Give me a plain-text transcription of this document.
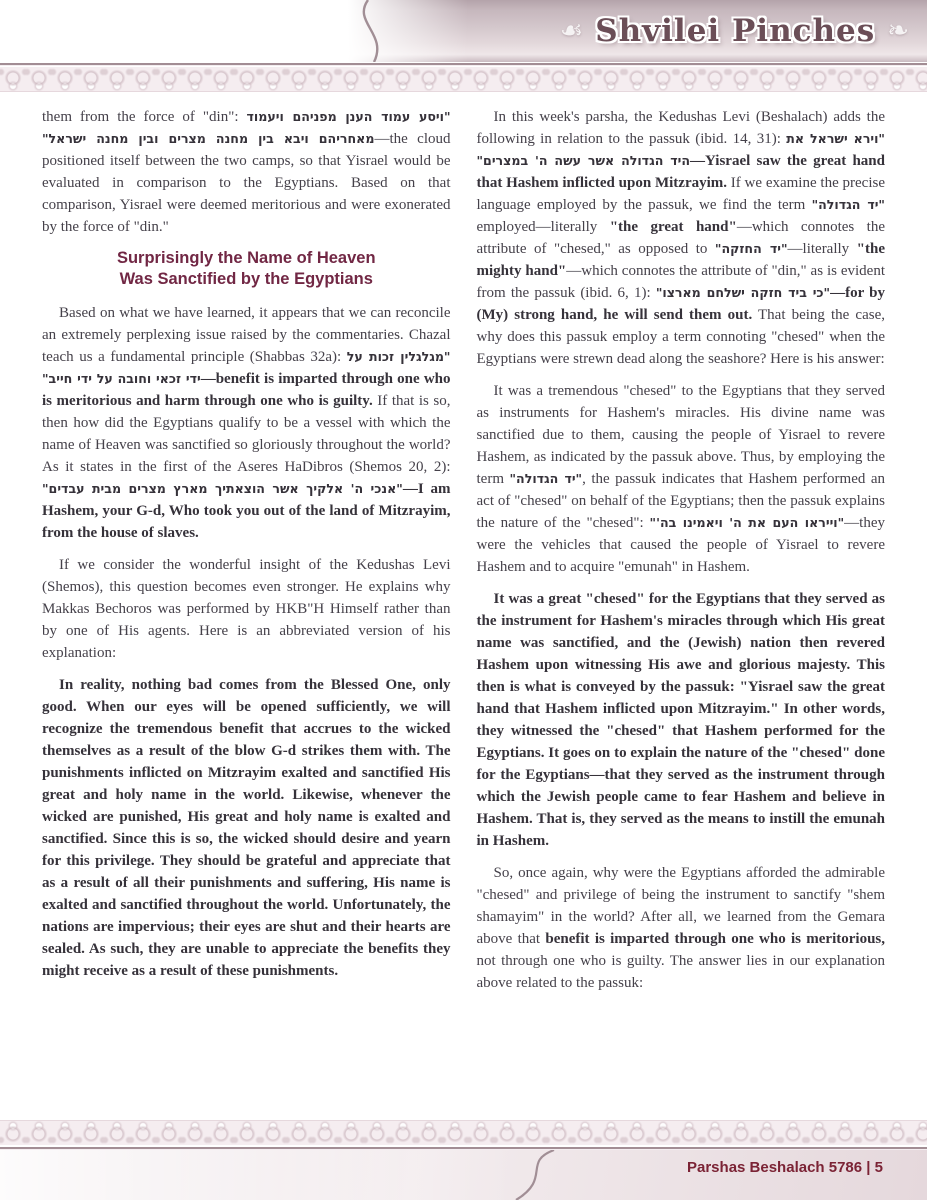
☙ Shvilei Pinches ❧

them from the force of "din": "ויסע עמוד הענן מפניהם ויעמוד מאחריהם ויבא בין מחנה מצרים ובין מחנה ישראל"—the cloud positioned itself between the two camps, so that Yisrael would be evaluated in comparison to the Egyptians. Based on that comparison, Yisrael were deemed meritorious and were exonerated by the force of "din."

Surprisingly the Name of Heaven
Was Sanctified by the Egyptians

Based on what we have learned, it appears that we can reconcile an extremely perplexing issue raised by the commentaries. Chazal teach us a fundamental principle (Shabbas 32a): "מגלגלין זכות על ידי זכאי וחובה על ידי חייב"—benefit is imparted through one who is meritorious and harm through one who is guilty. If that is so, then how did the Egyptians qualify to be a vessel with which the name of Heaven was sanctified so gloriously throughout the world? As it states in the first of the Aseres HaDibros (Shemos 20, 2): "אנכי ה' אלקיך אשר הוצאתיך מארץ מצרים מבית עבדים"—I am Hashem, your G-d, Who took you out of the land of Mitzrayim, from the house of slaves.

If we consider the wonderful insight of the Kedushas Levi (Shemos), this question becomes even stronger. He explains why Makkas Bechoros was performed by HKB"H Himself rather than by one of His agents. Here is an abbreviated version of his explanation:

In reality, nothing bad comes from the Blessed One, only good. When our eyes will be opened sufficiently, we will recognize the tremendous benefit that accrues to the wicked themselves as a result of the blow G-d strikes them with. The punishments inflicted on Mitzrayim exalted and sanctified His great and holy name in the world. Likewise, whenever the wicked are punished, His great and holy name is exalted and sanctified. Since this is so, the wicked should desire and yearn for this privilege. They should be grateful and appreciate that as a result of all their punishments and suffering, His name is exalted and sanctified throughout the world. Unfortunately, the nations are impervious; their eyes are shut and their hearts are sealed. As such, they are unable to appreciate the benefits they might receive as a result of these punishments.

In this week's parsha, the Kedushas Levi (Beshalach) adds the following in relation to the passuk (ibid. 14, 31): "וירא ישראל את היד הגדולה אשר עשה ה' במצרים"—Yisrael saw the great hand that Hashem inflicted upon Mitzrayim. If we examine the precise language employed by the passuk, we find the term "יד הגדולה" employed—literally "the great hand"—which connotes the attribute of "chesed," as opposed to "יד החזקה"—literally "the mighty hand"—which connotes the attribute of "din," as is evident from the passuk (ibid. 6, 1): "כי ביד חזקה ישלחם מארצו"—for by (My) strong hand, he will send them out. That being the case, why does this passuk employ a term connoting "chesed" when the Egyptians were strewn dead along the seashore? Here is his answer:

It was a tremendous "chesed" to the Egyptians that they served as instruments for Hashem's miracles. His divine name was sanctified due to them, causing the people of Yisrael to revere Hashem, as indicated by the passuk above. Thus, by employing the term "יד הגדולה", the passuk indicates that Hashem performed an act of "chesed" on behalf of the Egyptians; then the passuk explains the nature of the "chesed": "וייראו העם את ה' ויאמינו בה'"—they were the vehicles that caused the people of Yisrael to revere Hashem and to acquire "emunah" in Hashem.

It was a great "chesed" for the Egyptians that they served as the instrument for Hashem's miracles through which His great name was sanctified, and the (Jewish) nation then revered Hashem upon witnessing His awe and glorious majesty. This then is what is conveyed by the passuk: "Yisrael saw the great hand that Hashem inflicted upon Mitzrayim." In other words, they witnessed the "chesed" that Hashem performed for the Egyptians. It goes on to explain the nature of the "chesed" done for the Egyptians—that they served as the instrument through which the Jewish people came to fear Hashem and believe in Hashem. That is, they served as the means to instill the emunah in Hashem.

So, once again, why were the Egyptians afforded the admirable "chesed" and privilege of being the instrument to sanctify "shem shamayim" in the world? After all, we learned from the Gemara above that benefit is imparted through one who is meritorious, not through one who is guilty. The answer lies in our explanation above related to the passuk:

Parshas Beshalach 5786 | 5
